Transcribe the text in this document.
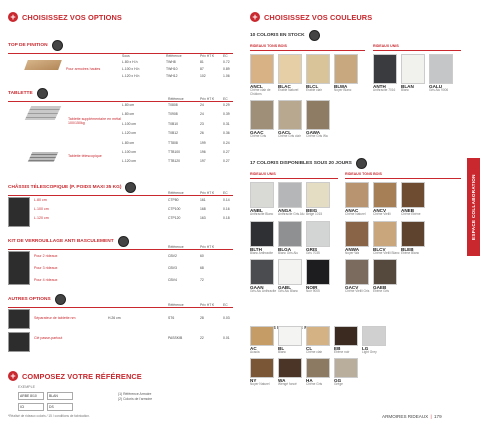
+ CHOISISSEZ VOS OPTIONS
TOP DE FINITION
Sous	Référence	Prix HT €	EC
Pour armoires hautes
L.80 x H.h	TWH8	81	0.72
L.100 x H.h	TWH10	87	0.89
L.120 x H.h	TWH12	102	1.06
TABLETTE
Référence	Prix HT €	EC
Tablette supplémentaire en métal 100/150kg
Tablette télescopique
L.80 cm	T0808	24	0.29
L.80 cm	T0908	24	0.39
L.100 cm	T0B10	23	0.31
L.120 cm	T0B12	26	0.36
L.80 cm	TT808	199	0.24
L.100 cm	TTB100	196	0.27
L.120 cm	TTB120	197	0.27
CHÂSSIS TÉLESCOPIQUE (P. POIDS MAXI 35 KG)
Référence	Prix HT €	EC
L.80 cm	CTP80	161	0.14
L.100 cm	CTP100	168	0.16
L.120 cm	CTP120	163	0.18
KIT DE VERROUILLAGE ANTI BASCULEMENT
Référence	Prix HT €
Pour 2 rideaux	CBV2	60
Pour 3 rideaux	CBV3	68
Pour 4 rideaux	CBV4	72
AUTRES OPTIONS
Référence	Prix HT €	EC
Séparateur de tablette nm	H.26 cm	ST6	28	0.03
Clé passe-partout	PASSKIB	22	0.01
+ COMPOSEZ VOTRE RÉFÉRENCE
EXEMPLE
ARBE 8/10	BLAN
ICI	DS
(1) Référence Armoire
(2) Coloris de l'armoire
*Réalisé de rideaux coloris / 15 / conditions de fabrication.
+ CHOISISSEZ VOS COULEURS
10 COLORIS EN STOCK
RIDEAUX TONS BOIS	RIDEAUX UNIS
ANCL
Chêne clair de Châlons
BLAC
Érable Naturel
BLCL
Érable clair
BLWA
Noyer Blanc
GAAC
Chêne Gris
GACL
Chêne Gris clair
GAWA
Chêne Gris Wa
ANTH
Anthracite 7016
BLAN
Blanc
GALU
Gris Alu 9006
17 COLORIS DISPONIBLES SOUS 20 JOURS
RIDEAUX UNIS	RIDEAUX TONS BOIS
ANBL
Anthracite Blanc
ANGA
Anthracite Gris Alu
BEIG
Beige 1015
BLTH
Blanc Anthracite
BLGA
Blanc Gris Alu
GRIS
Gris 7035
GAAN
Gris Alu Anthracite
GABL
Gris Alu Blanc
NOIR
Noir 9005
ANAC
Chêne Naturel
ANCV
Chêne Vieilli
ANEB
Chêne Ebène
ANWA
Noyer Wa
BLCV
Chêne Vieilli Blanc
BLEB
Ébène Blanc
GACV
Chêne Vieilli Gris
GAEB
Ébène Gris
AC
Acacia
BL
Blanc
CL
Chêne clair
EB
Ébène noir
LG
Light Grey
NY
Noyer Naturel
WA
Wengé foncé
HA
Chêne Gris
GG
Grège
ESPACE COLLABORATION
ARMOIRES RIDEAUX | 179
